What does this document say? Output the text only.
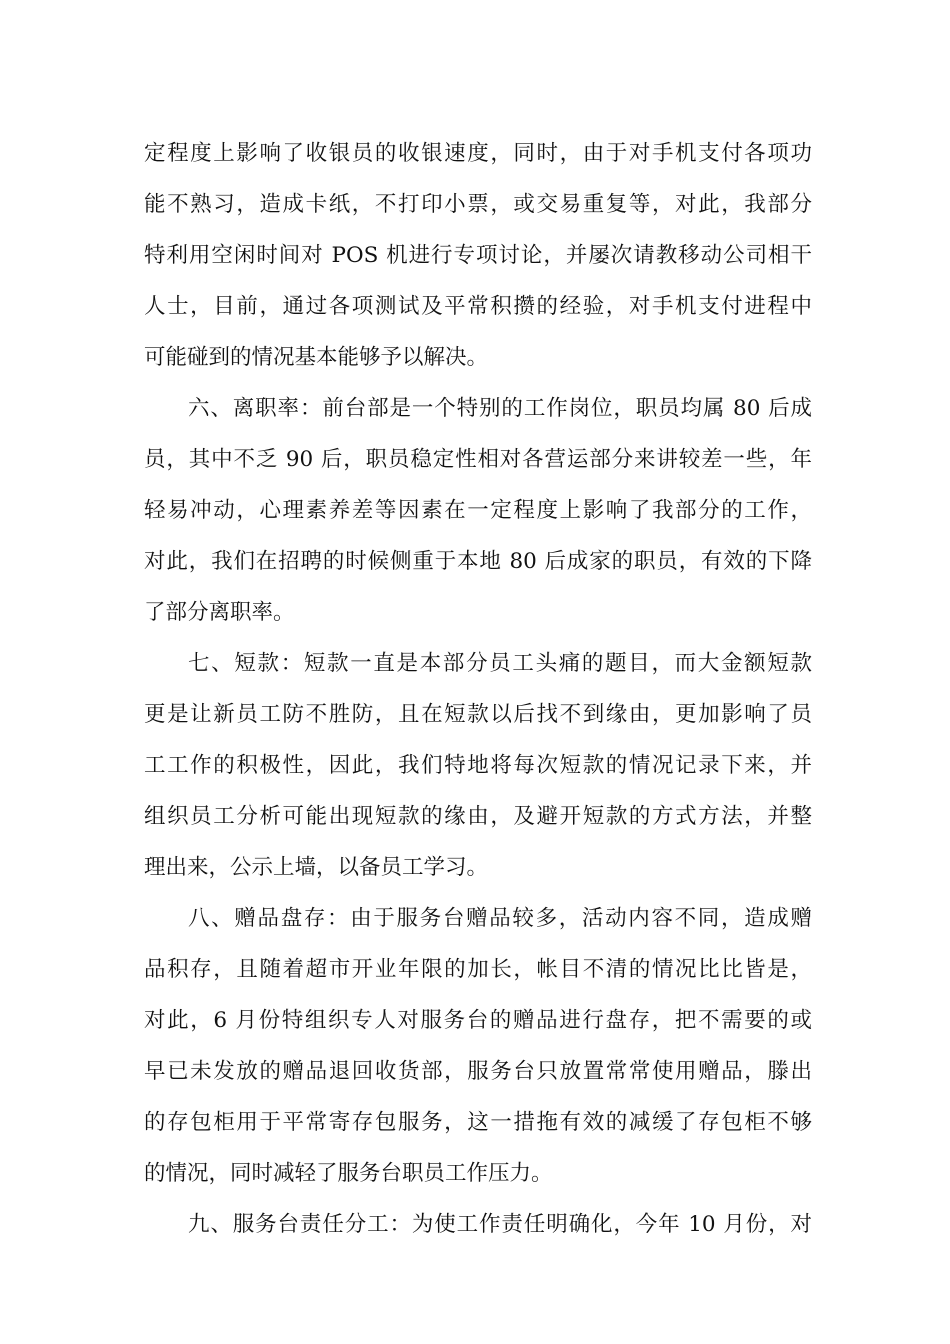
定程度上影响了收银员的收银速度，同时，由于对手机支付各项功
能不熟习，造成卡纸，不打印小票，或交易重复等，对此，我部分
特利用空闲时间对 POS 机进行专项讨论，并屡次请教移动公司相干
人士，目前，通过各项测试及平常积攒的经验，对手机支付进程中
可能碰到的情况基本能够予以解决。
六、离职率：前台部是一个特别的工作岗位，职员均属 80 后成
员，其中不乏 90 后，职员稳定性相对各营运部分来讲较差一些，年
轻易冲动，心理素养差等因素在一定程度上影响了我部分的工作，
对此，我们在招聘的时候侧重于本地 80 后成家的职员，有效的下降
了部分离职率。
七、短款：短款一直是本部分员工头痛的题目，而大金额短款
更是让新员工防不胜防，且在短款以后找不到缘由，更加影响了员
工工作的积极性，因此，我们特地将每次短款的情况记录下来，并
组织员工分析可能出现短款的缘由，及避开短款的方式方法，并整
理出来，公示上墙，以备员工学习。
八、赠品盘存：由于服务台赠品较多，活动内容不同，造成赠
品积存，且随着超市开业年限的加长，帐目不清的情况比比皆是，
对此，6 月份特组织专人对服务台的赠品进行盘存，把不需要的或
早已未发放的赠品退回收货部，服务台只放置常常使用赠品，滕出
的存包柜用于平常寄存包服务，这一措拖有效的减缓了存包柜不够
的情况，同时减轻了服务台职员工作压力。
九、服务台责任分工：为使工作责任明确化，今年 10 月份，对
